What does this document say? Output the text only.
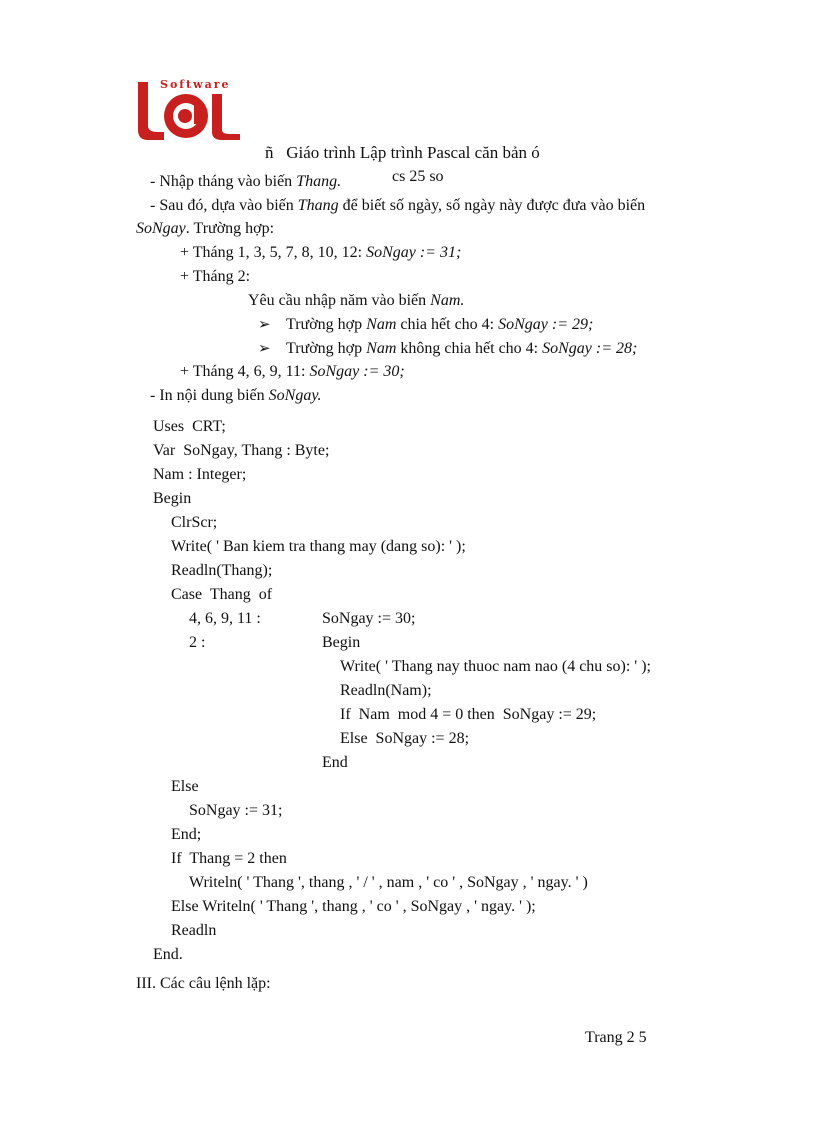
Software

ñ Giáo trình Lập trình Pascal căn bản ó

cs 25 so

- Nhập tháng vào biến Thang.
- Sau đó, dựa vào biến Thang để biết số ngày, số ngày này được đưa vào biến
SoNgay. Trường hợp:
+ Tháng 1, 3, 5, 7, 8, 10, 12: SoNgay := 31;
+ Tháng 2:
Yêu cầu nhập năm vào biến Nam.
➢ Trường hợp Nam chia hết cho 4: SoNgay := 29;
➢ Trường hợp Nam không chia hết cho 4: SoNgay := 28;
+ Tháng 4, 6, 9, 11: SoNgay := 30;
- In nội dung biến SoNgay.
Uses  CRT;
Var  SoNgay, Thang : Byte;
Nam : Integer;
Begin
ClrScr;
Write( ' Ban kiem tra thang may (dang so): ' );
Readln(Thang);
Case  Thang  of
4, 6, 9, 11 :	SoNgay := 30;
2 :	Begin
Write( ' Thang nay thuoc nam nao (4 chu so): ' );
Readln(Nam);
If  Nam  mod 4 = 0 then  SoNgay := 29;
Else  SoNgay := 28;
End
Else
SoNgay := 31;
End;
If  Thang = 2 then
Writeln( ' Thang ', thang , ' / ' , nam , ' co ' , SoNgay , ' ngay. ' )
Else Writeln( ' Thang ', thang , ' co ' , SoNgay , ' ngay. ' );
Readln
End.
III. Các câu lệnh lặp:
Trang 2 5
